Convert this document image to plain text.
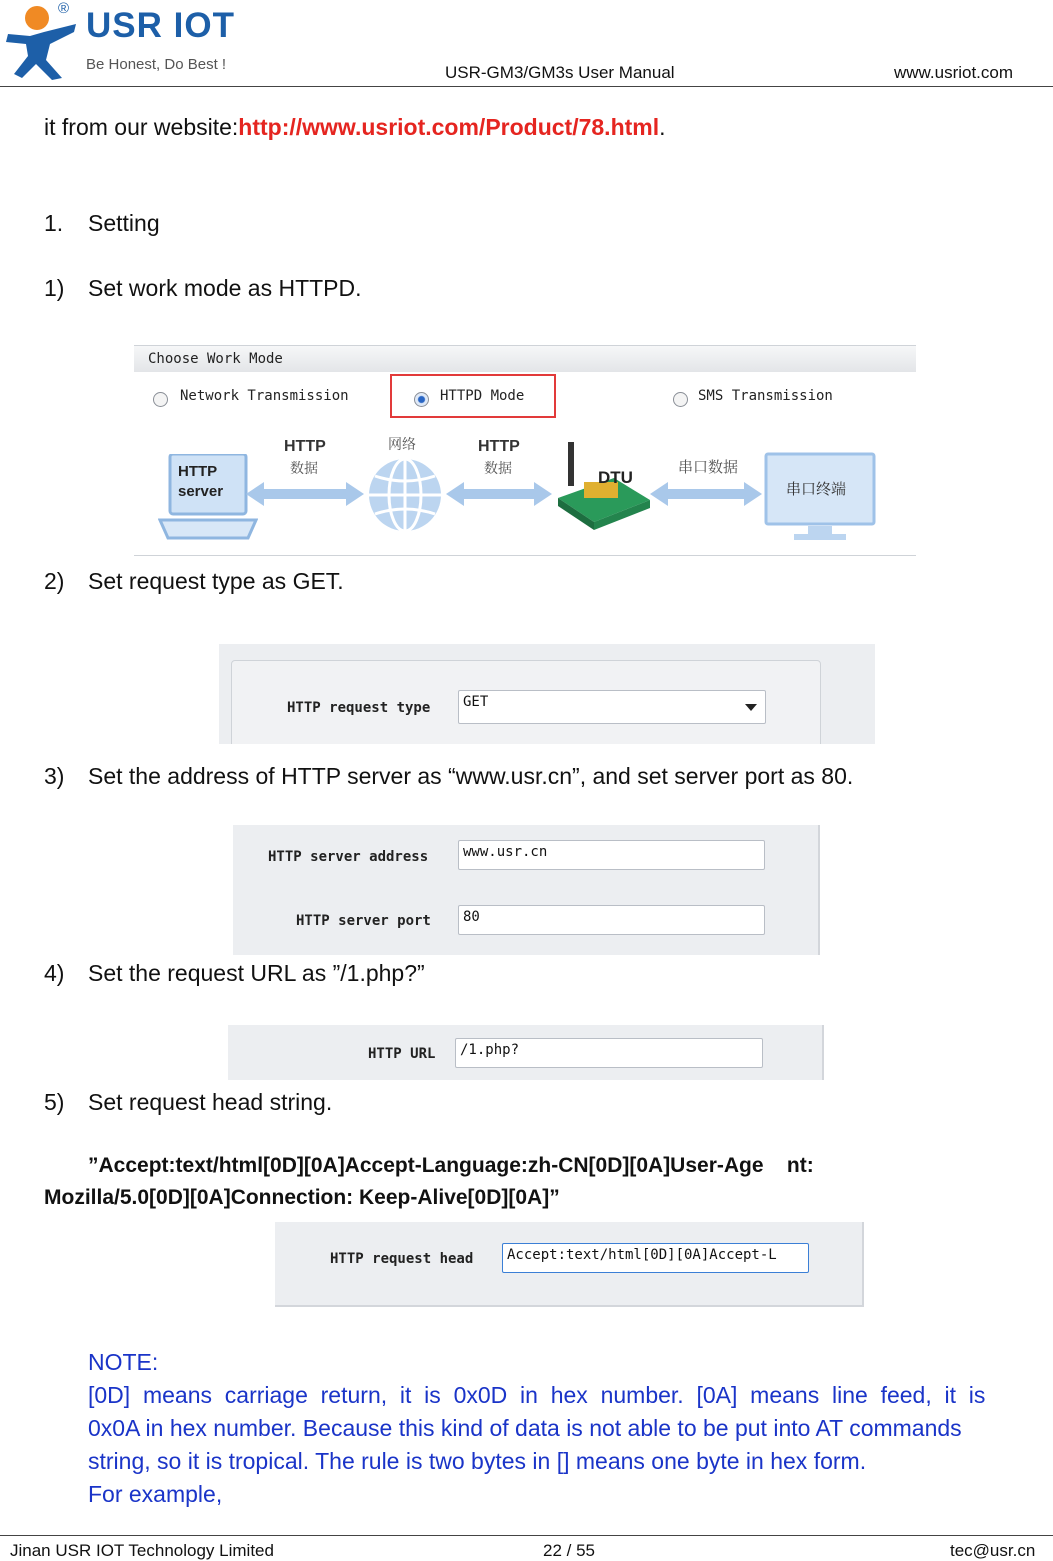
® USR IOT
Be Honest, Do Best !	USR-GM3/GM3s User Manual	www.usriot.com
it from our website:http://www.usriot.com/Product/78.html.
1. Setting
1) Set work mode as HTTPD.
Choose Work Mode
Network Transmission	HTTPD Mode	SMS Transmission
HTTP server
HTTP
数据
网络	HTTP
数据	DTU
串口数据
串口终端
2) Set request type as GET.
HTTP request type	GET
3) Set the address of HTTP server as “www.usr.cn”, and set server port as 80.
HTTP server address	www.usr.cn
HTTP server port	80
4) Set the request URL as ”/1.php?”
HTTP URL	/1.php?
5) Set request head string.
”Accept:text/html[0D][0A]Accept-Language:zh-CN[0D][0A]User-Age    nt:
Mozilla/5.0[0D][0A]Connection: Keep-Alive[0D][0A]”
HTTP request head	Accept:text/html[0D][0A]Accept-L
NOTE:
[0D]  means  carriage  return,  it  is  0x0D  in  hex  number.  [0A]  means  line  feed,  it  is
0x0A in hex number. Because this kind of data is not able to be put into AT commands
string, so it is tropical. The rule is two bytes in [] means one byte in hex form.
For example,
Jinan USR IOT Technology Limited	22 / 55	tec@usr.cn
